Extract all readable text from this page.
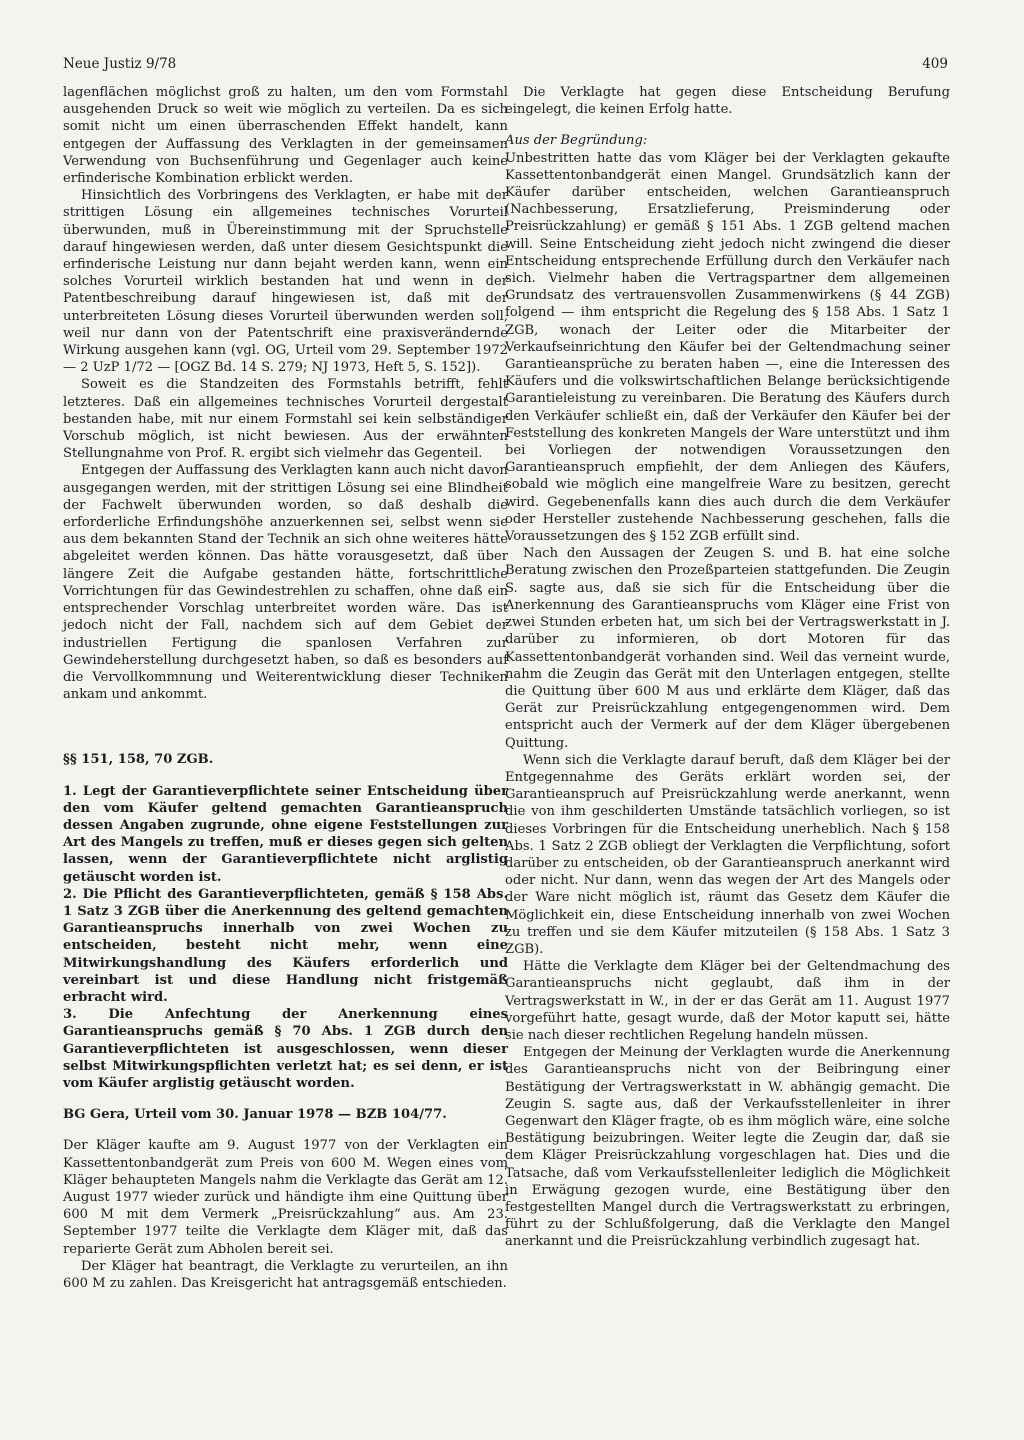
Neue Justiz 9/78	409

lagenflächen möglichst groß zu halten, um den vom Formstahl ausgehenden Druck so weit wie möglich zu verteilen. Da es sich somit nicht um einen überraschenden Effekt handelt, kann entgegen der Auffassung des Verklagten in der gemeinsamen Verwendung von Buchsenführung und Gegenlager auch keine erfinderische Kombination erblickt werden.

Hinsichtlich des Vorbringens des Verklagten, er habe mit der strittigen Lösung ein allgemeines technisches Vorurteil überwunden, muß in Übereinstimmung mit der Spruchstelle darauf hingewiesen werden, daß unter diesem Gesichtspunkt die erfinderische Leistung nur dann bejaht werden kann, wenn ein solches Vorurteil wirklich bestanden hat und wenn in der Patentbeschreibung darauf hingewiesen ist, daß mit der unterbreiteten Lösung dieses Vorurteil überwunden werden soll, weil nur dann von der Patentschrift eine praxisverändernde Wirkung ausgehen kann (vgl. OG, Urteil vom 29. September 1972 — 2 UzP 1/72 — [OGZ Bd. 14 S. 279; NJ 1973, Heft 5, S. 152]).

Soweit es die Standzeiten des Formstahls betrifft, fehlt letzteres. Daß ein allgemeines technisches Vorurteil dergestalt bestanden habe, mit nur einem Formstahl sei kein selbständiger Vorschub möglich, ist nicht bewiesen. Aus der erwähnten Stellungnahme von Prof. R. ergibt sich vielmehr das Gegenteil.

Entgegen der Auffassung des Verklagten kann auch nicht davon ausgegangen werden, mit der strittigen Lösung sei eine Blindheit der Fachwelt überwunden worden, so daß deshalb die erforderliche Erfindungshöhe anzuerkennen sei, selbst wenn sie aus dem bekannten Stand der Technik an sich ohne weiteres hätte abgeleitet werden können. Das hätte vorausgesetzt, daß über längere Zeit die Aufgabe gestanden hätte, fortschrittliche Vorrichtungen für das Gewindestrehlen zu schaffen, ohne daß ein entsprechender Vorschlag unterbreitet worden wäre. Das ist jedoch nicht der Fall, nachdem sich auf dem Gebiet der industriellen Fertigung die spanlosen Verfahren zur Gewindeherstellung durchgesetzt haben, so daß es besonders auf die Vervollkommnung und Weiterentwicklung dieser Techniken ankam und ankommt.

§§ 151, 158, 70 ZGB.

1. Legt der Garantieverpflichtete seiner Entscheidung über den vom Käufer geltend gemachten Garantieanspruch dessen Angaben zugrunde, ohne eigene Feststellungen zur Art des Mangels zu treffen, muß er dieses gegen sich gelten lassen, wenn der Garantieverpflichtete nicht arglistig getäuscht worden ist.

2. Die Pflicht des Garantieverpflichteten, gemäß § 158 Abs. 1 Satz 3 ZGB über die Anerkennung des geltend gemachten Garantieanspruchs innerhalb von zwei Wochen zu entscheiden, besteht nicht mehr, wenn eine Mitwirkungshandlung des Käufers erforderlich und vereinbart ist und diese Handlung nicht fristgemäß erbracht wird.

3. Die Anfechtung der Anerkennung eines Garantieanspruchs gemäß § 70 Abs. 1 ZGB durch den Garantieverpflichteten ist ausgeschlossen, wenn dieser selbst Mitwirkungspflichten verletzt hat; es sei denn, er ist vom Käufer arglistig getäuscht worden.

BG Gera, Urteil vom 30. Januar 1978 — BZB 104/77.

Der Kläger kaufte am 9. August 1977 von der Verklagten ein Kassettentonbandgerät zum Preis von 600 M. Wegen eines vom Kläger behaupteten Mangels nahm die Verklagte das Gerät am 12. August 1977 wieder zurück und händigte ihm eine Quittung über 600 M mit dem Vermerk „Preisrückzahlung“ aus. Am 23. September 1977 teilte die Verklagte dem Kläger mit, daß das reparierte Gerät zum Abholen bereit sei.

Der Kläger hat beantragt, die Verklagte zu verurteilen, an ihn 600 M zu zahlen. Das Kreisgericht hat antragsgemäß entschieden.

Die Verklagte hat gegen diese Entscheidung Berufung eingelegt, die keinen Erfolg hatte.

Aus der Begründung:

Unbestritten hatte das vom Kläger bei der Verklagten gekaufte Kassettentonbandgerät einen Mangel. Grundsätzlich kann der Käufer darüber entscheiden, welchen Garantieanspruch (Nachbesserung, Ersatzlieferung, Preisminderung oder Preisrückzahlung) er gemäß § 151 Abs. 1 ZGB geltend machen will. Seine Entscheidung zieht jedoch nicht zwingend die dieser Entscheidung entsprechende Erfüllung durch den Verkäufer nach sich. Vielmehr haben die Vertragspartner dem allgemeinen Grundsatz des vertrauensvollen Zusammenwirkens (§ 44 ZGB) folgend — ihm entspricht die Regelung des § 158 Abs. 1 Satz 1 ZGB, wonach der Leiter oder die Mitarbeiter der Verkaufseinrichtung den Käufer bei der Geltendmachung seiner Garantieansprüche zu beraten haben —, eine die Interessen des Käufers und die volkswirtschaftlichen Belange berücksichtigende Garantieleistung zu vereinbaren. Die Beratung des Käufers durch den Verkäufer schließt ein, daß der Verkäufer den Käufer bei der Feststellung des konkreten Mangels der Ware unterstützt und ihm bei Vorliegen der notwendigen Voraussetzungen den Garantieanspruch empfiehlt, der dem Anliegen des Käufers, sobald wie möglich eine mangelfreie Ware zu besitzen, gerecht wird. Gegebenenfalls kann dies auch durch die dem Verkäufer oder Hersteller zustehende Nachbesserung geschehen, falls die Voraussetzungen des § 152 ZGB erfüllt sind.

Nach den Aussagen der Zeugen S. und B. hat eine solche Beratung zwischen den Prozeßparteien stattgefunden. Die Zeugin S. sagte aus, daß sie sich für die Entscheidung über die Anerkennung des Garantieanspruchs vom Kläger eine Frist von zwei Stunden erbeten hat, um sich bei der Vertragswerkstatt in J. darüber zu informieren, ob dort Motoren für das Kassettentonbandgerät vorhanden sind. Weil das verneint wurde, nahm die Zeugin das Gerät mit den Unterlagen entgegen, stellte die Quittung über 600 M aus und erklärte dem Kläger, daß das Gerät zur Preisrückzahlung entgegengenommen wird. Dem entspricht auch der Vermerk auf der dem Kläger übergebenen Quittung.

Wenn sich die Verklagte darauf beruft, daß dem Kläger bei der Entgegennahme des Geräts erklärt worden sei, der Garantieanspruch auf Preisrückzahlung werde anerkannt, wenn die von ihm geschilderten Umstände tatsächlich vorliegen, so ist dieses Vorbringen für die Entscheidung unerheblich. Nach § 158 Abs. 1 Satz 2 ZGB obliegt der Verklagten die Verpflichtung, sofort darüber zu entscheiden, ob der Garantieanspruch anerkannt wird oder nicht. Nur dann, wenn das wegen der Art des Mangels oder der Ware nicht möglich ist, räumt das Gesetz dem Käufer die Möglichkeit ein, diese Entscheidung innerhalb von zwei Wochen zu treffen und sie dem Käufer mitzuteilen (§ 158 Abs. 1 Satz 3 ZGB).

Hätte die Verklagte dem Kläger bei der Geltendmachung des Garantieanspruchs nicht geglaubt, daß ihm in der Vertragswerkstatt in W., in der er das Gerät am 11. August 1977 vorgeführt hatte, gesagt wurde, daß der Motor kaputt sei, hätte sie nach dieser rechtlichen Regelung handeln müssen.

Entgegen der Meinung der Verklagten wurde die Anerkennung des Garantieanspruchs nicht von der Beibringung einer Bestätigung der Vertragswerkstatt in W. abhängig gemacht. Die Zeugin S. sagte aus, daß der Verkaufsstellenleiter in ihrer Gegenwart den Kläger fragte, ob es ihm möglich wäre, eine solche Bestätigung beizubringen. Weiter legte die Zeugin dar, daß sie dem Kläger Preisrückzahlung vorgeschlagen hat. Dies und die Tatsache, daß vom Verkaufsstellenleiter lediglich die Möglichkeit in Erwägung gezogen wurde, eine Bestätigung über den festgestellten Mangel durch die Vertragswerkstatt zu erbringen, führt zu der Schlußfolgerung, daß die Verklagte den Mangel anerkannt und die Preisrückzahlung verbindlich zugesagt hat.
